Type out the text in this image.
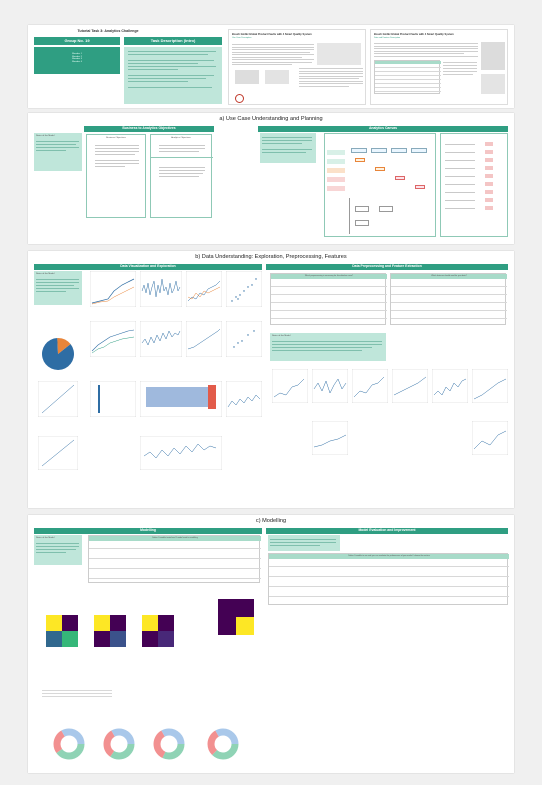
Tutorial Task 3: Analytics Challenge
Group No. 19	Task Description (Intro)
Member 1
Member 2
Member 3
Member 4
Bosch GmbH Global Product Faults with 4 Smart Quality System
Use Case Description
Bosch GmbH Global Product Faults with 4 Smart Quality System
Data and Feature Description
a) Use Case Understanding and Planning
Business to Analytics Objectives	Analytics Canvas
Notes of the Model
Business Objectives	Analytics Objectives
b) Data Understanding: Exploration, Preprocessing, Features
Data Visualization and Exploration	Data Preprocessing and Feature Extraction
Notes of the Model
Which preprocessing is necessary for this data/use case?	Which features should used for your data?
Notes of the Model
c) Modelling
Modelling	Model Evaluation and Improvement
Notes of the Model	Define 3 models tested and 1 model used in modelling
Define 3 models to use and you can evaluate the performance of your model / choose the metrics
